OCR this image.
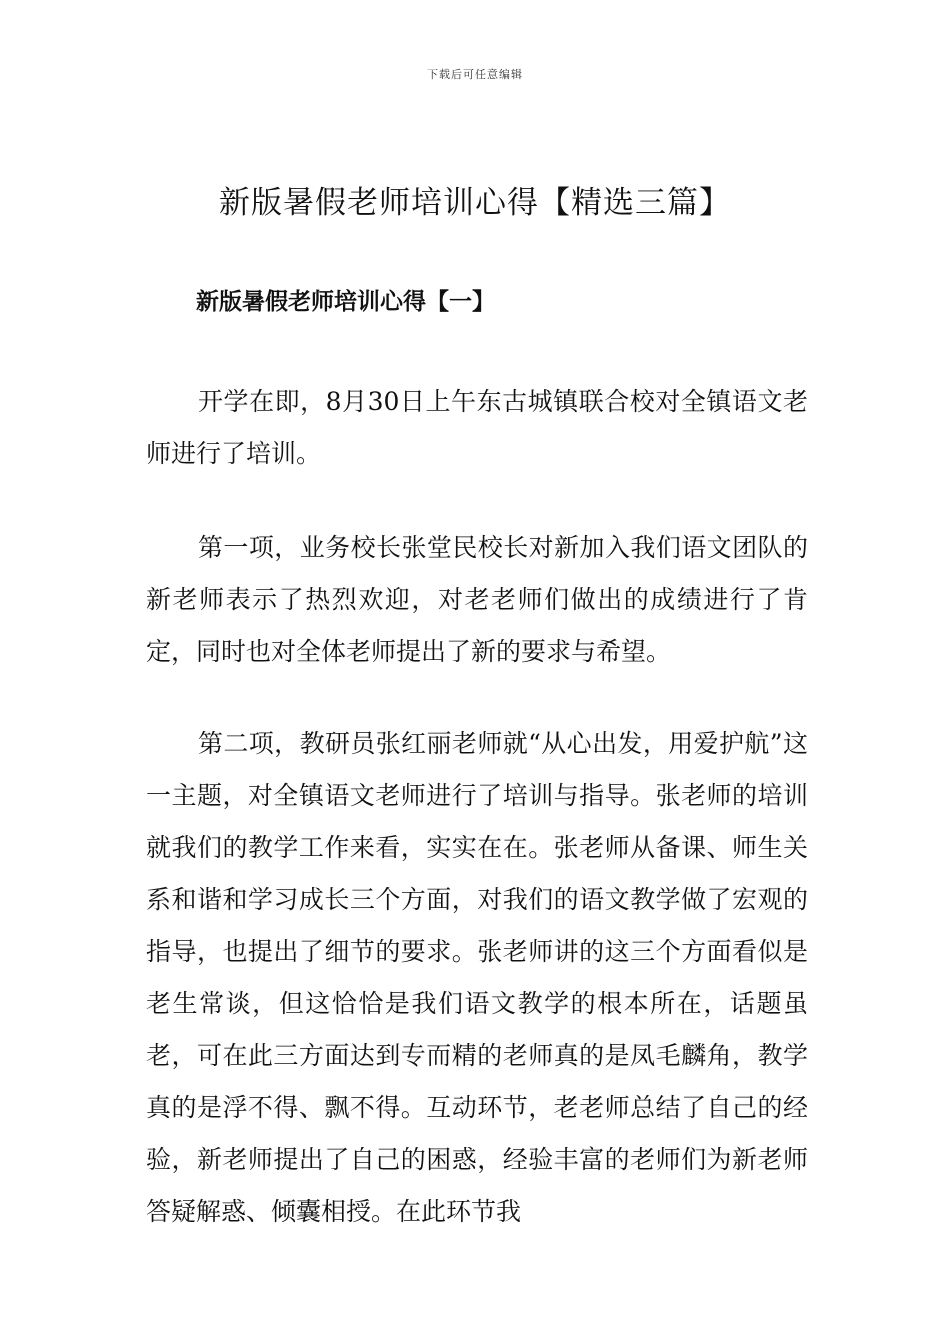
下载后可任意编辑
新版暑假老师培训心得【精选三篇】
新版暑假老师培训心得【一】

开学在即，8月30日上午东古城镇联合校对全镇语文老师进行了培训。

第一项，业务校长张堂民校长对新加入我们语文团队的新老师表示了热烈欢迎，对老老师们做出的成绩进行了肯定，同时也对全体老师提出了新的要求与希望。

第二项，教研员张红丽老师就“从心出发，用爱护航”这一主题，对全镇语文老师进行了培训与指导。张老师的培训就我们的教学工作来看，实实在在。张老师从备课、师生关系和谐和学习成长三个方面，对我们的语文教学做了宏观的指导，也提出了细节的要求。张老师讲的这三个方面看似是老生常谈，但这恰恰是我们语文教学的根本所在，话题虽老，可在此三方面达到专而精的老师真的是凤毛麟角，教学真的是浮不得、飘不得。互动环节，老老师总结了自己的经验，新老师提出了自己的困惑，经验丰富的老师们为新老师答疑解惑、倾囊相授。在此环节我
